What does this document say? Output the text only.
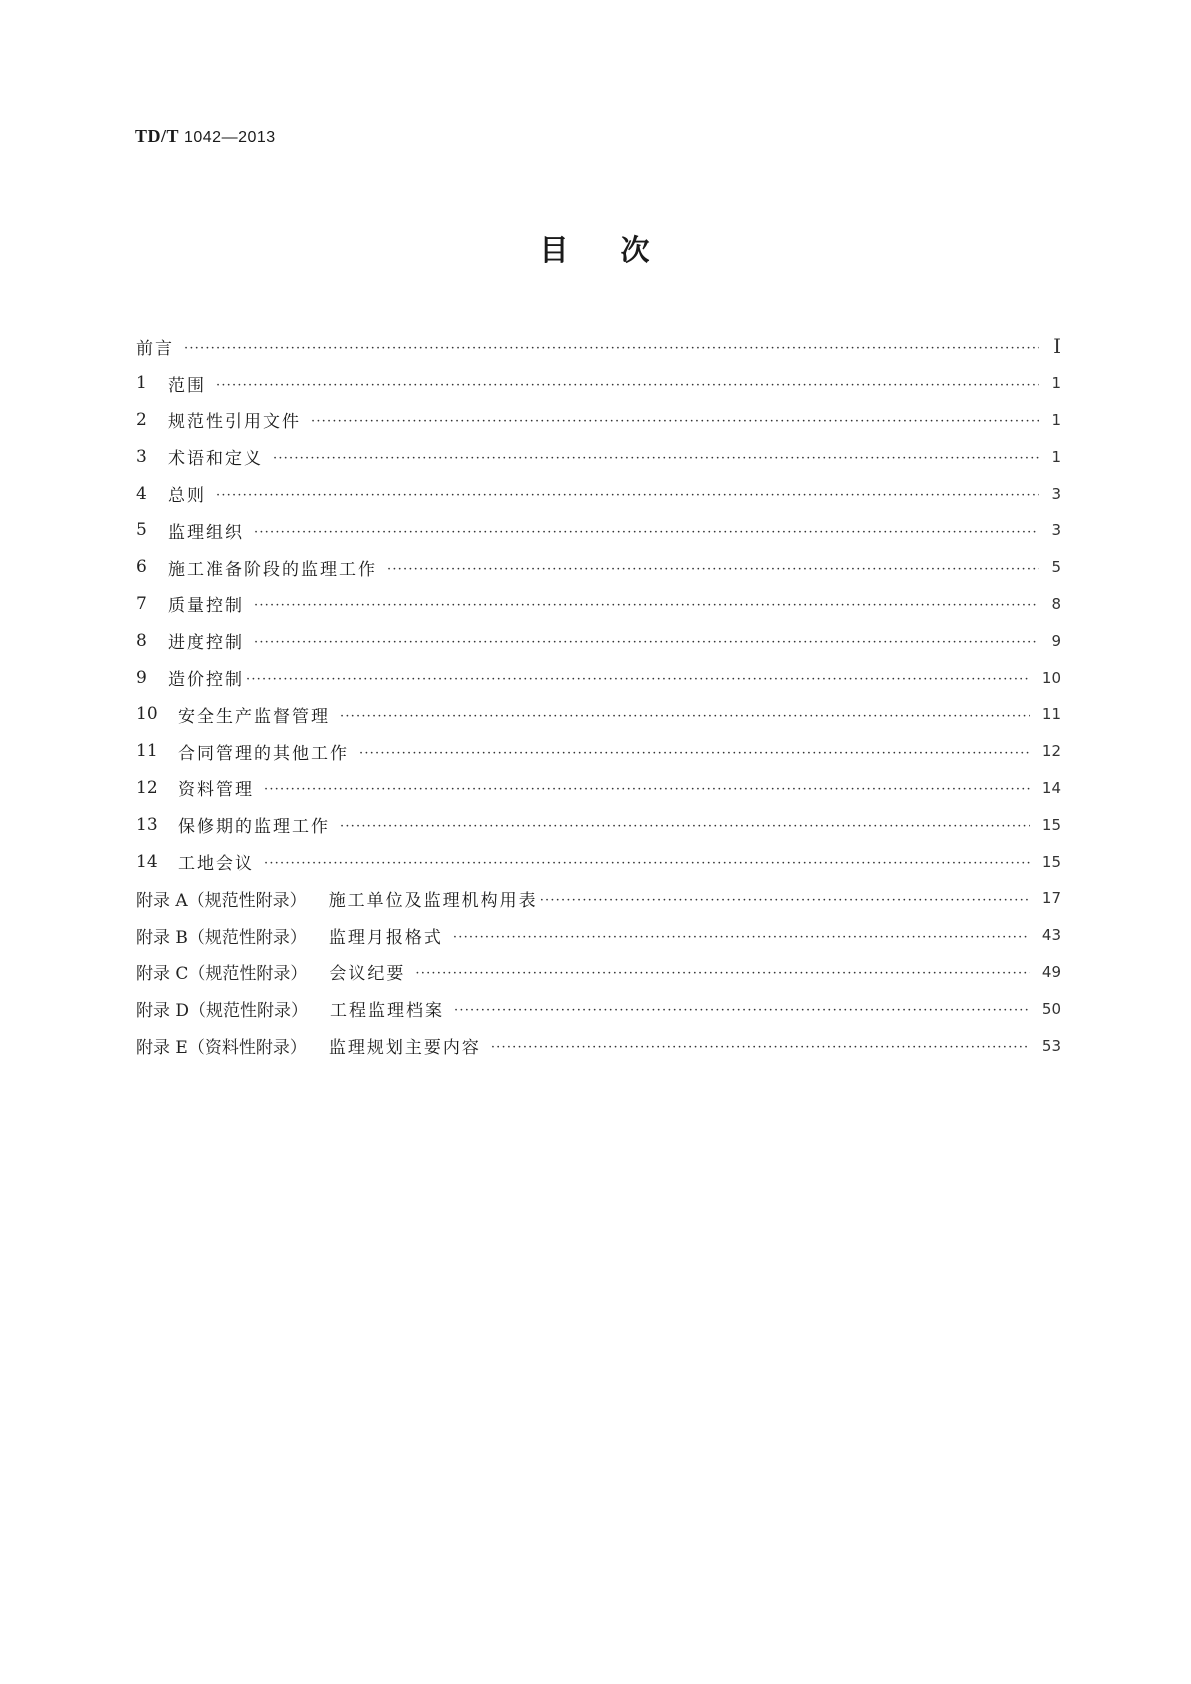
TD/T 1042—2013
目 次
前言 ·····	Ⅰ
1	范围 ·····	1
2	规范性引用文件 ·····	1
3	术语和定义 ·····	1
4	总则 ·····	3
5	监理组织 ·····	3
6	施工准备阶段的监理工作 ·····	5
7	质量控制 ·····	8
8	进度控制 ·····	9
9	造价控制 ·····	10
10	安全生产监督管理 ·····	11
11	合同管理的其他工作 ·····	12
12	资料管理 ·····	14
13	保修期的监理工作 ·····	15
14	工地会议 ·····	15
附录 A（规范性附录） 施工单位及监理机构用表 ·····	17
附录 B（规范性附录） 监理月报格式 ·····	43
附录 C（规范性附录） 会议纪要 ·····	49
附录 D（规范性附录） 工程监理档案 ·····	50
附录 E（资料性附录） 监理规划主要内容 ·····	53
